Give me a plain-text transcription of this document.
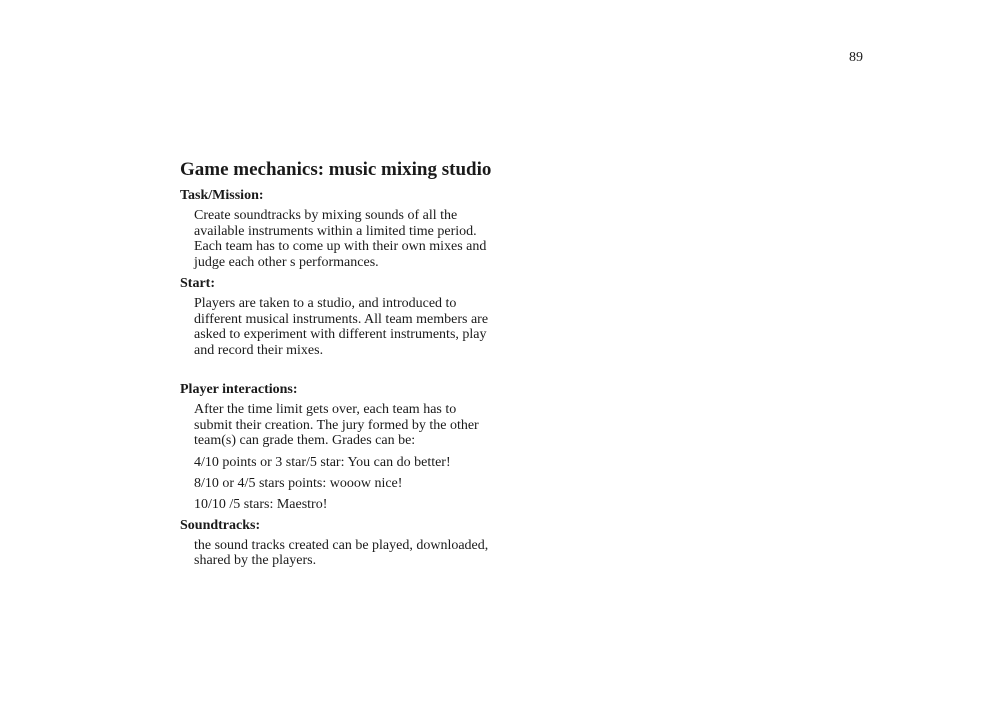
89
Game mechanics: music mixing studio
Task/Mission:
Create soundtracks by mixing sounds of all the available instruments within a limited time period. Each team has to come up with their own mixes and judge each other s performances.
Start:
Players are taken to a studio, and introduced to different musical instruments. All team members are asked to experiment with different instruments, play and record their mixes.
Player interactions:
After the time limit gets over, each team has to submit their creation. The jury formed by the other team(s) can grade them. Grades can be:
4/10 points or 3 star/5 star: You can do better!
8/10 or 4/5 stars points: wooow nice!
10/10 /5 stars: Maestro!
Soundtracks:
the sound tracks created can be played, downloaded, shared by the players.
